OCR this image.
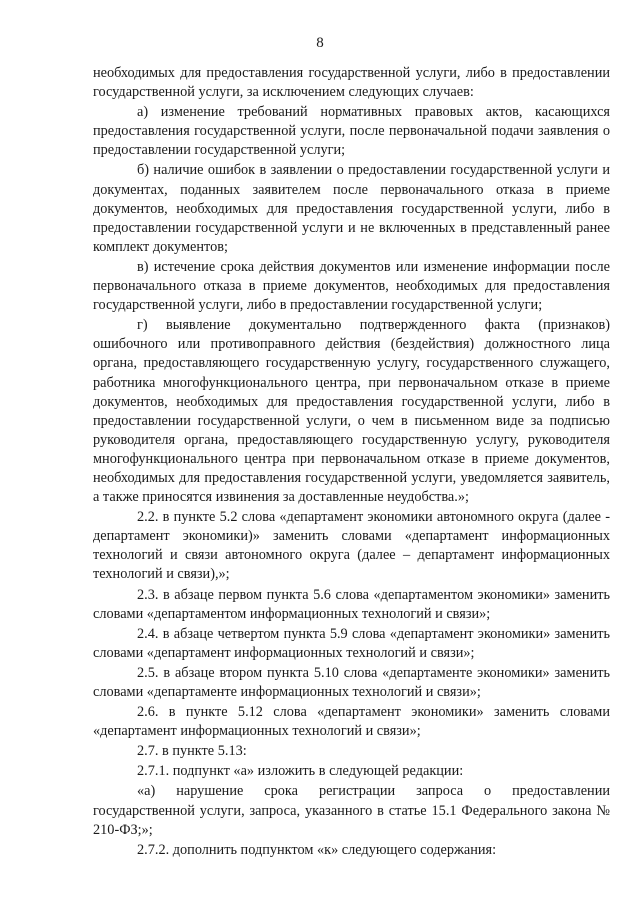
8

необходимых для предоставления государственной услуги, либо в предоставлении государственной услуги, за исключением следующих случаев:

а) изменение требований нормативных правовых актов, касающихся предоставления государственной услуги, после первоначальной подачи заявления о предоставлении государственной услуги;

б) наличие ошибок в заявлении о предоставлении государственной услуги и документах, поданных заявителем после первоначального отказа в приеме документов, необходимых для предоставления государственной услуги, либо в предоставлении государственной услуги и не включенных в представленный ранее комплект документов;

в) истечение срока действия документов или изменение информации после первоначального отказа в приеме документов, необходимых для предоставления государственной услуги, либо в предоставлении государственной услуги;

г) выявление документально подтвержденного факта (признаков) ошибочного или противоправного действия (бездействия) должностного лица органа, предоставляющего государственную услугу, государственного служащего, работника многофункционального центра, при первоначальном отказе в приеме документов, необходимых для предоставления государственной услуги, либо в предоставлении государственной услуги, о чем в письменном виде за подписью руководителя органа, предоставляющего государственную услугу, руководителя многофункционального центра при первоначальном отказе в приеме документов, необходимых для предоставления государственной услуги, уведомляется заявитель, а также приносятся извинения за доставленные неудобства.»;

2.2. в пункте 5.2 слова «департамент экономики автономного округа (далее - департамент экономики)» заменить словами «департамент информационных технологий и связи автономного округа (далее – департамент информационных технологий и связи),»;

2.3. в абзаце первом пункта 5.6 слова «департаментом экономики» заменить словами «департаментом информационных технологий и связи»;

2.4. в абзаце четвертом пункта 5.9 слова «департамент экономики» заменить словами «департамент информационных технологий и связи»;

2.5. в абзаце втором пункта 5.10 слова «департаменте экономики» заменить словами «департаменте информационных технологий и связи»;

2.6. в пункте 5.12 слова «департамент экономики» заменить словами «департамент информационных технологий и связи»;

2.7. в пункте 5.13:

2.7.1. подпункт «а» изложить в следующей редакции:

«а) нарушение срока регистрации запроса о предоставлении государственной услуги, запроса, указанного в статье 15.1 Федерального закона № 210-ФЗ;»;

2.7.2. дополнить подпунктом «к» следующего содержания:
